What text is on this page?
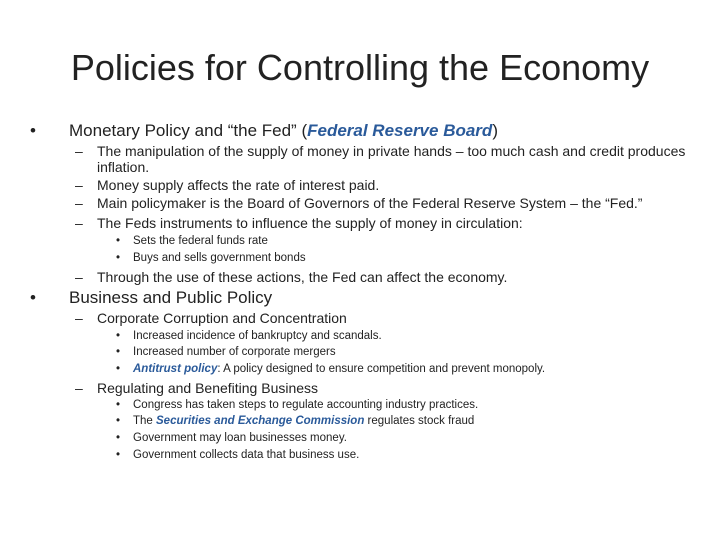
Policies for Controlling the Economy
• Monetary Policy and “the Fed” (Federal Reserve Board)
– The manipulation of the supply of money in private hands – too much cash and credit produces inflation.
– Money supply affects the rate of interest paid.
– Main policymaker is the Board of Governors of the Federal Reserve System – the “Fed.”
– The Feds instruments to influence the supply of money in circulation:
• Sets the federal funds rate
• Buys and sells government bonds
– Through the use of these actions, the Fed can affect the economy.
• Business and Public Policy
– Corporate Corruption and Concentration
• Increased incidence of bankruptcy and scandals.
• Increased number of corporate mergers
• Antitrust policy: A policy designed to ensure competition and prevent monopoly.
– Regulating and Benefiting Business
• Congress has taken steps to regulate accounting industry practices.
• The Securities and Exchange Commission regulates stock fraud
• Government may loan businesses money.
• Government collects data that business use.
